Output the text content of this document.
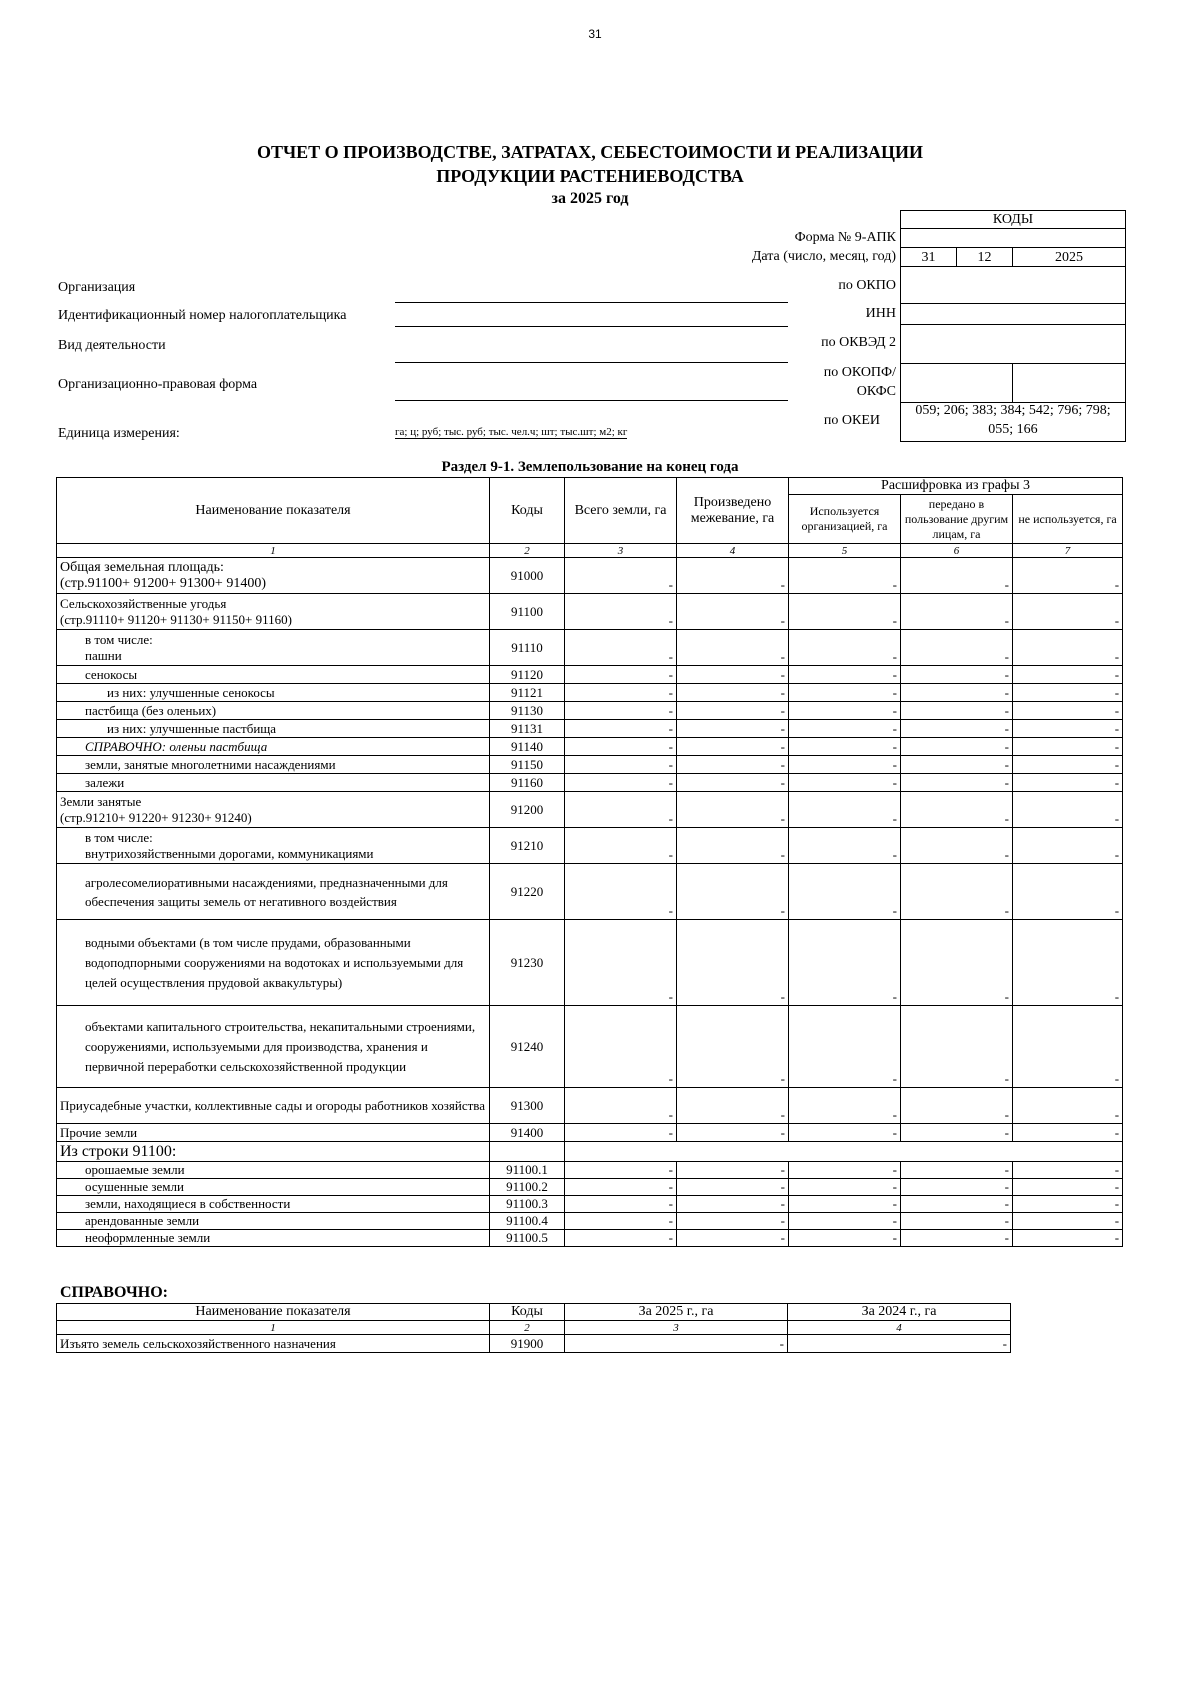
31
ОТЧЕТ О ПРОИЗВОДСТВЕ, ЗАТРАТАХ, СЕБЕСТОИМОСТИ И РЕАЛИЗАЦИИ
ПРОДУКЦИИ РАСТЕНИЕВОДСТВА
за 2025 год
КОДЫ
Форма № 9-АПК
Дата (число, месяц, год)	31	12	2025
по ОКПО
ИНН
по ОКВЭД 2
по ОКОПФ/
ОКФС
по ОКЕИ
059; 206; 383; 384; 542; 796; 798;
055; 166
Организация
Идентификационный номер налогоплательщика
Вид деятельности
Организационно-правовая форма
Единица измерения:	га; ц; руб; тыс. руб; тыс. чел.ч; шт; тыс.шт; м2; кг
Раздел 9-1. Землепользование на конец года
Наименование показателя	Коды	Всего земли, га	Произведено межевание, га	Расшифровка из графы 3		
				Используется организацией, га	передано в пользование другим лицам, га	не используется, га
1	2	3	4	5	6	7

Общая земельная площадь:
(стр.91100+ 91200+ 91300+ 91400)	91000	-	-	-	-	-

Сельскохозяйственные угодья
(стр.91110+ 91120+ 91130+ 91150+ 91160)	91100	-	-	-	-	-

в том числе:
пашни	91110	-	-	-	-	-
сенокосы	91120	-	-	-	-	-
из них: улучшенные сенокосы	91121	-	-	-	-	-
пастбища (без оленьих)	91130	-	-	-	-	-
из них: улучшенные пастбища	91131	-	-	-	-	-
СПРАВОЧНО: оленьи пастбища	91140	-	-	-	-	-
земли, занятые многолетними насаждениями	91150	-	-	-	-	-
залежи	91160	-	-	-	-	-

Земли занятые
(стр.91210+ 91220+ 91230+ 91240)	91200	-	-	-	-	-

в том числе:
внутрихозяйственными дорогами, коммуникациями	91210	-	-	-	-	-
агролесомелиоративными насаждениями, предназначенными для обеспечения защиты земель от негативного воздействия	91220	-	-	-	-	-
водными объектами (в том числе прудами, образованными водоподпорными сооружениями на водотоках и используемыми для целей осуществления прудовой аквакультуры)	91230	-	-	-	-	-
объектами капитального строительства, некапитальными строениями, сооружениями, используемыми для производства, хранения и первичной переработки сельскохозяйственной продукции	91240	-	-	-	-	-
Приусадебные участки, коллективные сады и огороды работников хозяйства	91300	-	-	-	-	-
Прочие земли	91400	-	-	-	-	-
Из строки 91100:						
орошаемые земли	91100.1	-	-	-	-	-
осушенные земли	91100.2	-	-	-	-	-
земли, находящиеся в собственности	91100.3	-	-	-	-	-
арендованные земли	91100.4	-	-	-	-	-
неоформленные земли	91100.5	-	-	-	-	-
СПРАВОЧНО:
Наименование показателя	Коды	За 2025 г., га	За 2024 г., га
1	2	3	4
Изъято земель сельскохозяйственного назначения	91900	-	-
